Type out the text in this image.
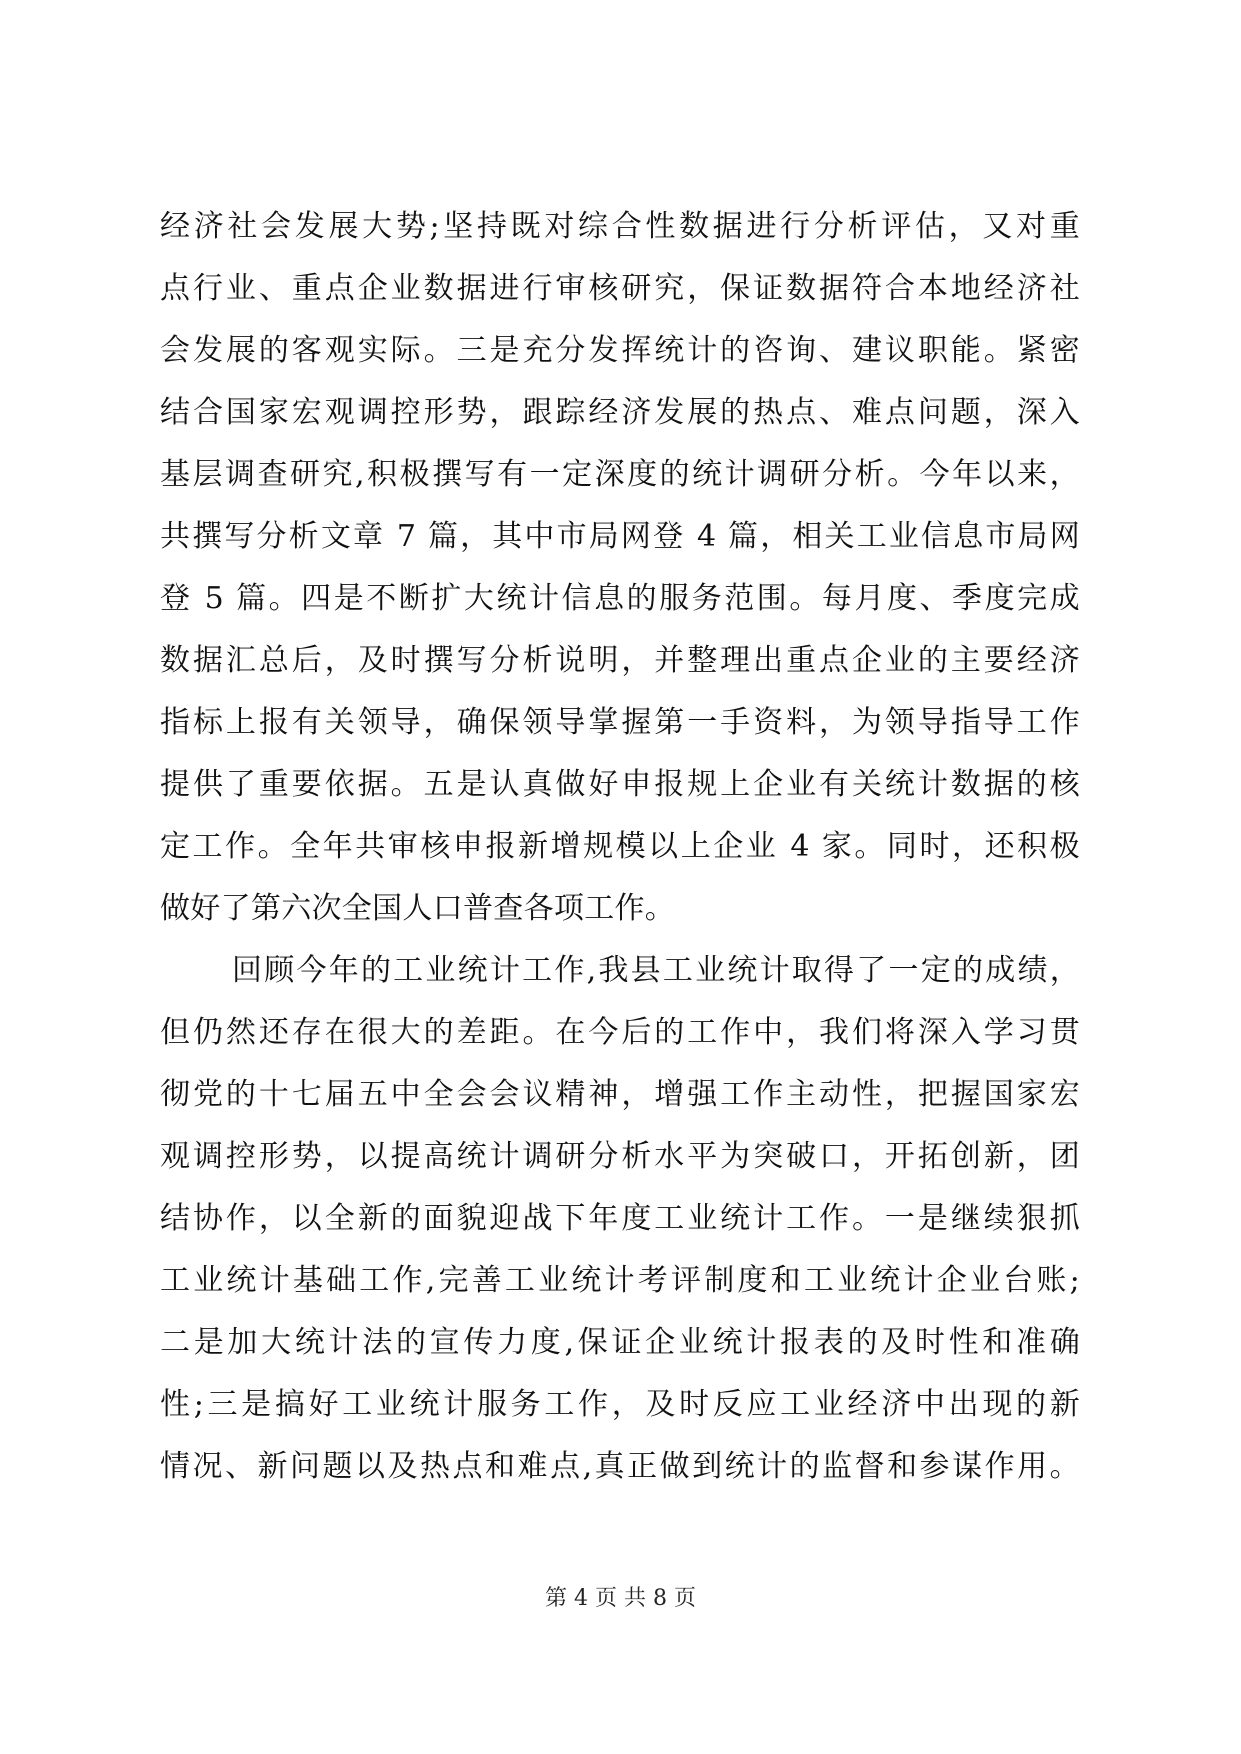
经济社会发展大势;坚持既对综合性数据进行分析评估，又对重
点行业、重点企业数据进行审核研究，保证数据符合本地经济社
会发展的客观实际。三是充分发挥统计的咨询、建议职能。紧密
结合国家宏观调控形势，跟踪经济发展的热点、难点问题，深入
基层调查研究,积极撰写有一定深度的统计调研分析。今年以来，
共撰写分析文章 7 篇，其中市局网登 4 篇，相关工业信息市局网
登 5 篇。四是不断扩大统计信息的服务范围。每月度、季度完成
数据汇总后，及时撰写分析说明，并整理出重点企业的主要经济
指标上报有关领导，确保领导掌握第一手资料，为领导指导工作
提供了重要依据。五是认真做好申报规上企业有关统计数据的核
定工作。全年共审核申报新增规模以上企业 4 家。同时，还积极
做好了第六次全国人口普查各项工作。
回顾今年的工业统计工作,我县工业统计取得了一定的成绩，
但仍然还存在很大的差距。在今后的工作中，我们将深入学习贯
彻党的十七届五中全会会议精神，增强工作主动性，把握国家宏
观调控形势，以提高统计调研分析水平为突破口，开拓创新，团
结协作，以全新的面貌迎战下年度工业统计工作。一是继续狠抓
工业统计基础工作,完善工业统计考评制度和工业统计企业台账;
二是加大统计法的宣传力度,保证企业统计报表的及时性和准确
性;三是搞好工业统计服务工作，及时反应工业经济中出现的新
情况、新问题以及热点和难点,真正做到统计的监督和参谋作用。
第 4 页 共 8 页
